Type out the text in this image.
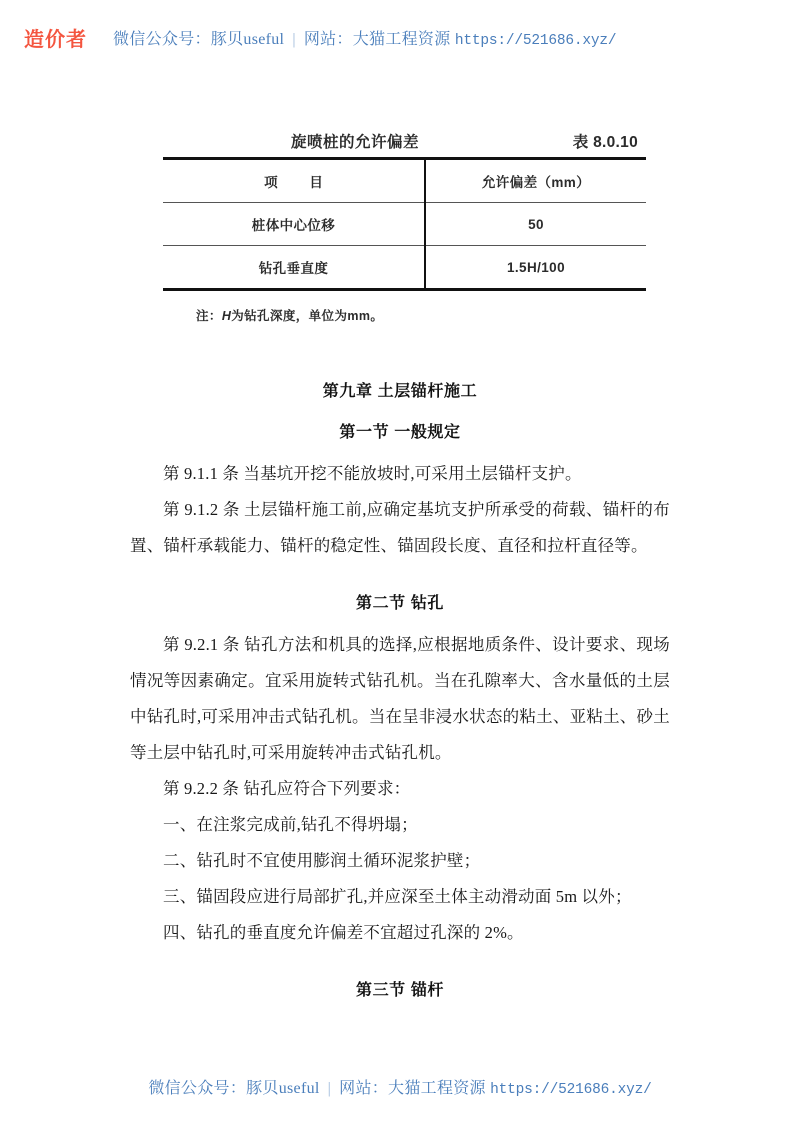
造价者 微信公众号：豚贝useful | 网站：大猫工程资源 https://521686.xyz/
旋喷桩的允许偏差	表 8.0.10
项 目	允许偏差（mm）
桩体中心位移	50
钻孔垂直度	1.5H/100
注：H为钻孔深度，单位为mm。
第九章 土层锚杆施工
第一节 一般规定

第 9.1.1 条 当基坑开挖不能放坡时,可采用土层锚杆支护。

第 9.1.2 条 土层锚杆施工前,应确定基坑支护所承受的荷载、锚杆的布置、锚杆承载能力、锚杆的稳定性、锚固段长度、直径和拉杆直径等。

第二节 钻孔

第 9.2.1 条 钻孔方法和机具的选择,应根据地质条件、设计要求、现场情况等因素确定。宜采用旋转式钻孔机。当在孔隙率大、含水量低的土层中钻孔时,可采用冲击式钻孔机。当在呈非浸水状态的粘土、亚粘土、砂土等土层中钻孔时,可采用旋转冲击式钻孔机。

第 9.2.2 条 钻孔应符合下列要求：

一、在注浆完成前,钻孔不得坍塌；

二、钻孔时不宜使用膨润土循环泥浆护壁；

三、锚固段应进行局部扩孔,并应深至土体主动滑动面 5m 以外；

四、钻孔的垂直度允许偏差不宜超过孔深的 2%。

第三节 锚杆
微信公众号：豚贝useful | 网站：大猫工程资源 https://521686.xyz/
